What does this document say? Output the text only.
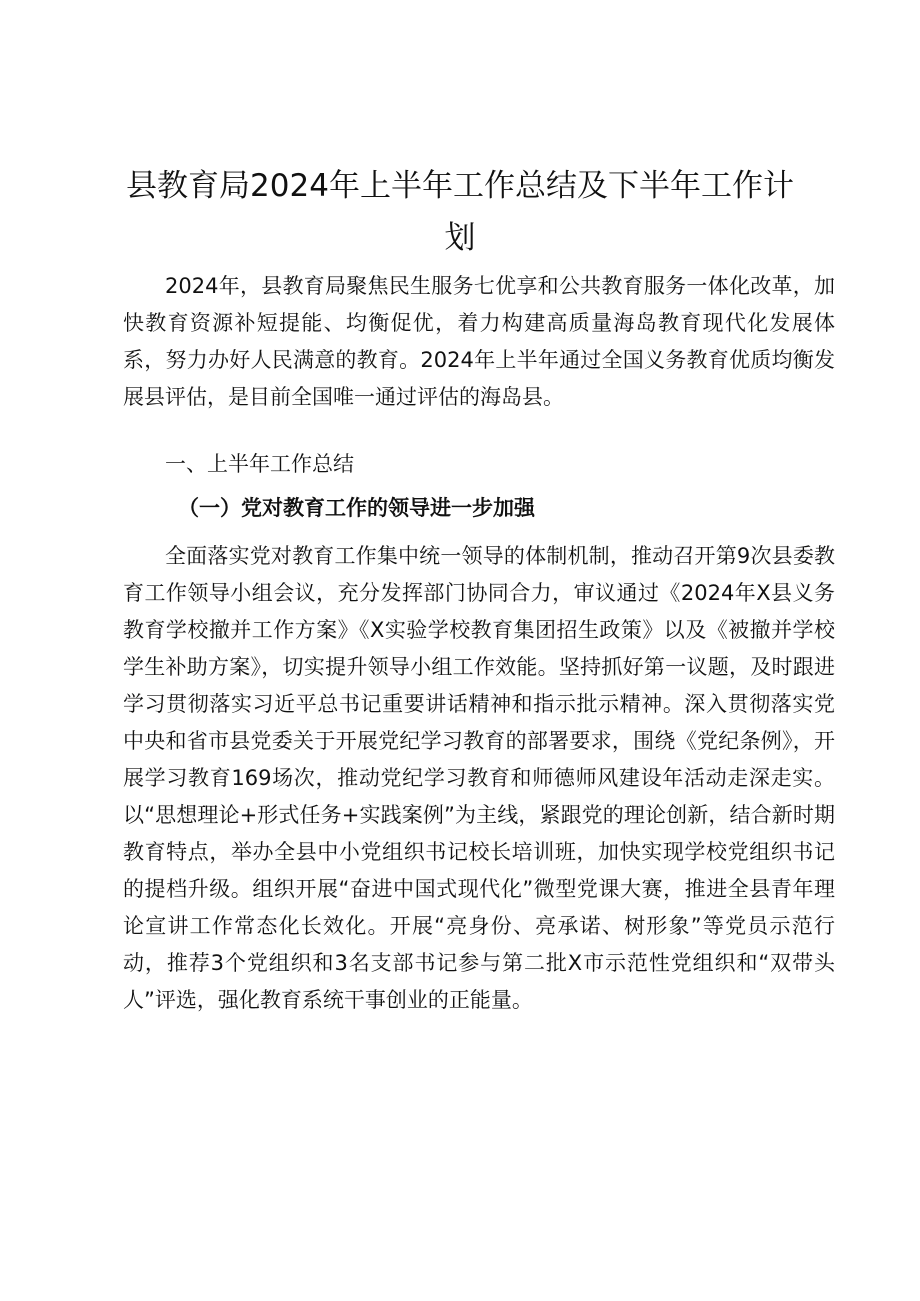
县教育局2024年上半年工作总结及下半年工作计划

2024年，县教育局聚焦民生服务七优享和公共教育服务一体化改革，加快教育资源补短提能、均衡促优，着力构建高质量海岛教育现代化发展体系，努力办好人民满意的教育。2024年上半年通过全国义务教育优质均衡发展县评估，是目前全国唯一通过评估的海岛县。

一、上半年工作总结

（一）党对教育工作的领导进一步加强

全面落实党对教育工作集中统一领导的体制机制，推动召开第9次县委教育工作领导小组会议，充分发挥部门协同合力，审议通过《2024年X县义务教育学校撤并工作方案》《X实验学校教育集团招生政策》以及《被撤并学校学生补助方案》，切实提升领导小组工作效能。坚持抓好第一议题，及时跟进学习贯彻落实习近平总书记重要讲话精神和指示批示精神。深入贯彻落实党中央和省市县党委关于开展党纪学习教育的部署要求，围绕《党纪条例》，开展学习教育169场次，推动党纪学习教育和师德师风建设年活动走深走实。以“思想理论+形式任务+实践案例”为主线，紧跟党的理论创新，结合新时期教育特点，举办全县中小党组织书记校长培训班，加快实现学校党组织书记的提档升级。组织开展“奋进中国式现代化”微型党课大赛，推进全县青年理论宣讲工作常态化长效化。开展“亮身份、亮承诺、树形象”等党员示范行动，推荐3个党组织和3名支部书记参与第二批X市示范性党组织和“双带头人”评选，强化教育系统干事创业的正能量。
